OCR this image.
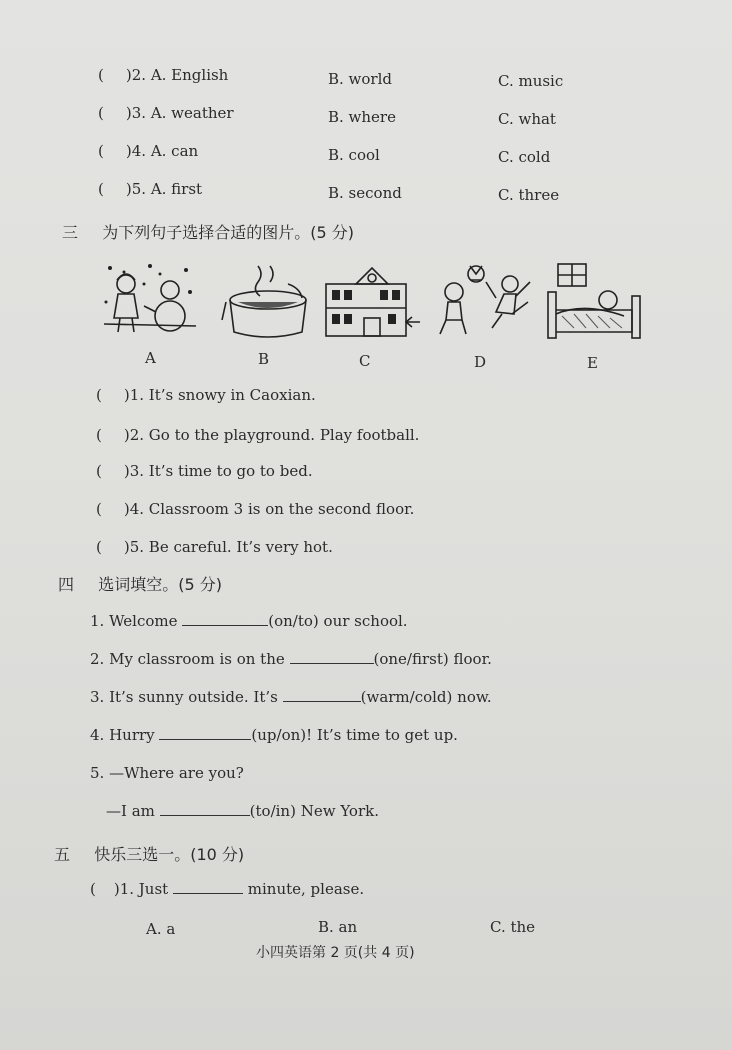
( )2. A. English	B. world	C. music
( )3. A. weather	B. where	C. what
( )4. A. can	B. cool	C. cold
( )5. A. first	B. second	C. three
三 为下列句子选择合适的图片。(5 分)
A	B	C	D	E
( )1. It’s snowy in Caoxian.
( )2. Go to the playground. Play football.
( )3. It’s time to go to bed.
( )4. Classroom 3 is on the second floor.
( )5. Be careful. It’s very hot.
四 选词填空。(5 分)
1. Welcome	(on/to) our school.
2. My classroom is on the	(one/first) floor.
3. It’s sunny outside. It’s	(warm/cold) now.
4. Hurry	(up/on)! It’s time to get up.
5. —Where are you?
—I am	(to/in) New York.
五 快乐三选一。(10 分)
( )1. Just	minute, please.
A. a	B. an	C. the
小四英语第 2 页(共 4 页)
